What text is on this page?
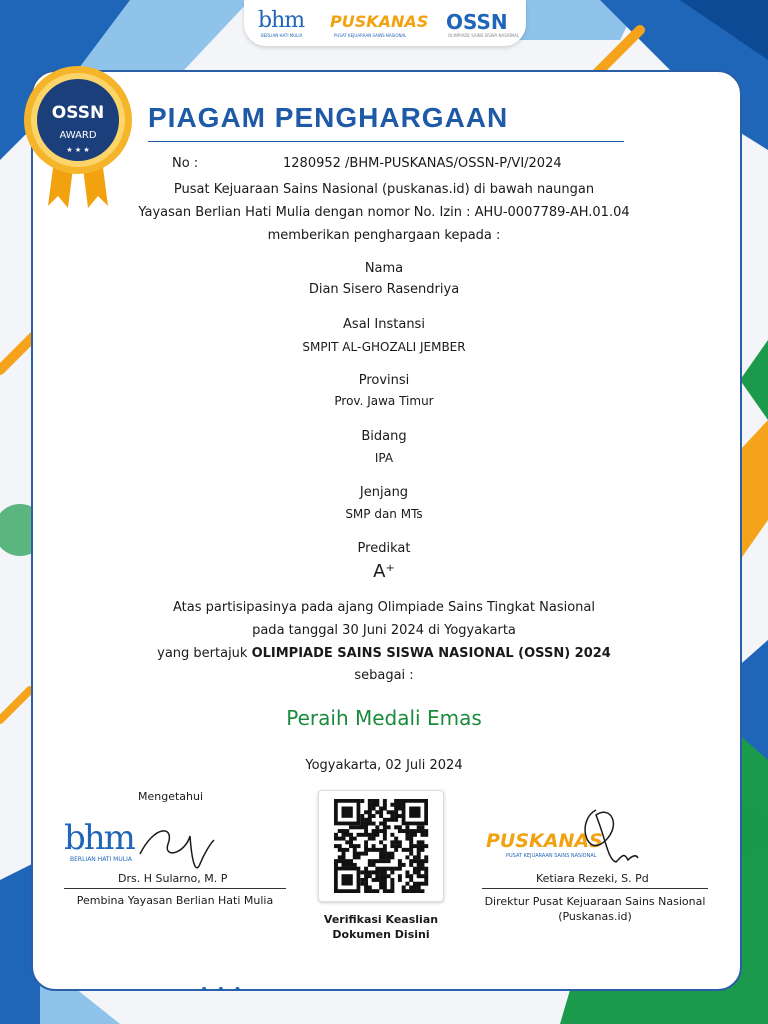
bhm
BERLIAN HATI MULIA
PUSKANAS
PUSAT KEJUARAAN SAINS NASIONAL
OSSN
OLIMPIADE SAINS SISWA NASIONAL
OSSN
AWARD
★ ★ ★
PIAGAM PENGHARGAAN
No :	1280952 /BHM-PUSKANAS/OSSN-P/VI/2024
Pusat Kejuaraan Sains Nasional (puskanas.id) di bawah naungan
Yayasan Berlian Hati Mulia dengan nomor No. Izin : AHU-0007789-AH.01.04
memberikan penghargaan kepada :
Nama
Dian Sisero Rasendriya
Asal Instansi
SMPIT AL-GHOZALI JEMBER
Provinsi
Prov. Jawa Timur
Bidang
IPA
Jenjang
SMP dan MTs
Predikat
A⁺
Atas partisipasinya pada ajang Olimpiade Sains Tingkat Nasional
pada tanggal 30 Juni 2024 di Yogyakarta
yang bertajuk OLIMPIADE SAINS SISWA NASIONAL (OSSN) 2024
sebagai :
Peraih Medali Emas
Yogyakarta, 02 Juli 2024
Mengetahui
bhm
BERLIAN HATI MULIA
Drs. H Sularno, M. P
Pembina Yayasan Berlian Hati Mulia
Verifikasi Keaslian
Dokumen Disini
PUSKANAS
PUSAT KEJUARAAN SAINS NASIONAL
Ketiara Rezeki, S. Pd
Direktur Pusat Kejuaraan Sains Nasional
(Puskanas.id)
• • •
